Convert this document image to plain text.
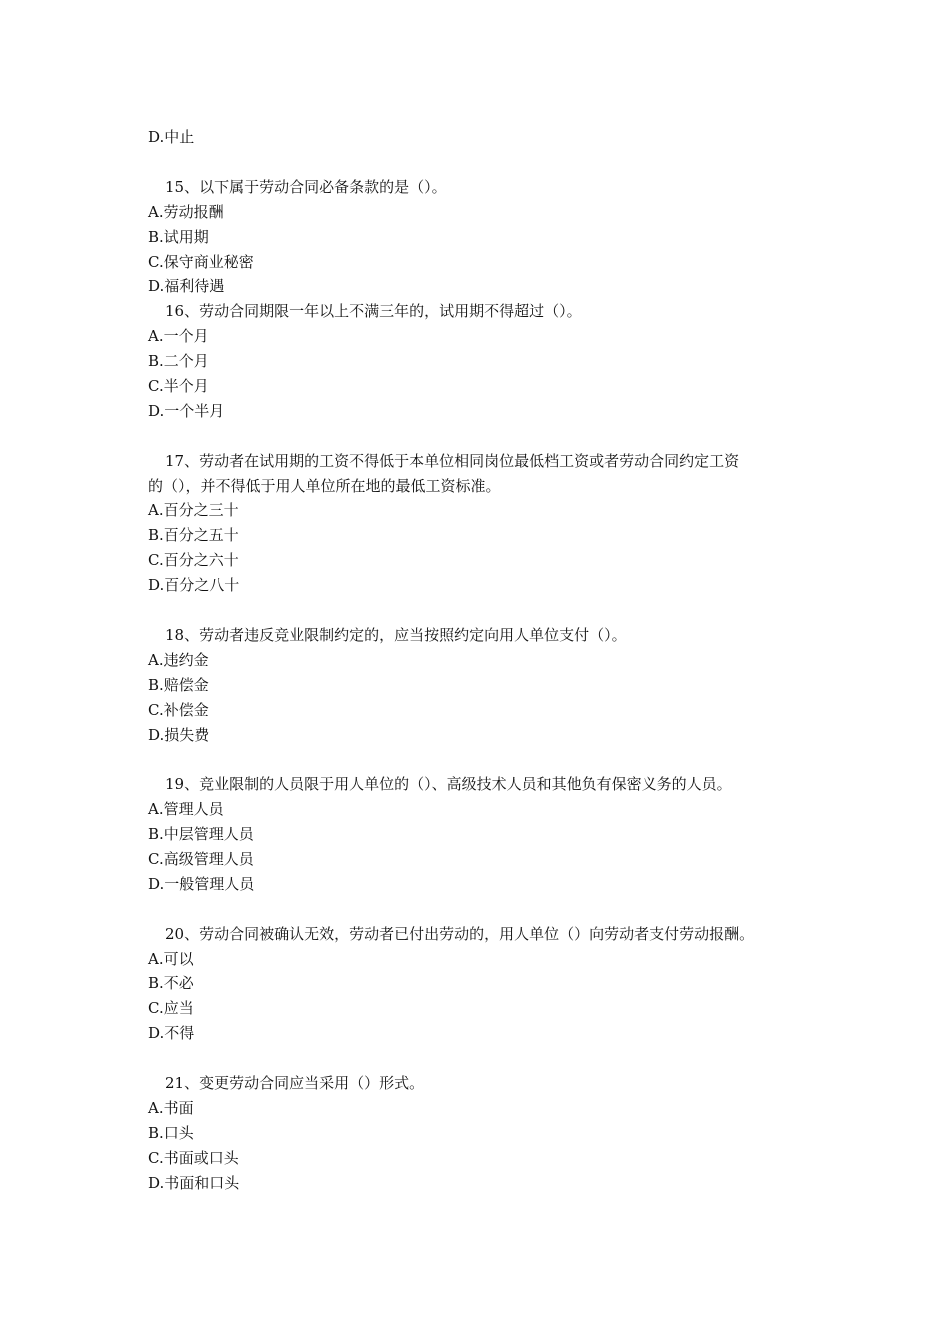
D.中止
15、以下属于劳动合同必备条款的是（）。
A.劳动报酬
B.试用期
C.保守商业秘密
D.福利待遇
16、劳动合同期限一年以上不满三年的，试用期不得超过（）。
A.一个月
B.二个月
C.半个月
D.一个半月
17、劳动者在试用期的工资不得低于本单位相同岗位最低档工资或者劳动合同约定工资
的（），并不得低于用人单位所在地的最低工资标准。
A.百分之三十
B.百分之五十
C.百分之六十
D.百分之八十
18、劳动者违反竞业限制约定的，应当按照约定向用人单位支付（）。
A.违约金
B.赔偿金
C.补偿金
D.损失费
19、竞业限制的人员限于用人单位的（）、高级技术人员和其他负有保密义务的人员。
A.管理人员
B.中层管理人员
C.高级管理人员
D.一般管理人员
20、劳动合同被确认无效，劳动者已付出劳动的，用人单位（）向劳动者支付劳动报酬。
A.可以
B.不必
C.应当
D.不得
21、变更劳动合同应当采用（）形式。
A.书面
B.口头
C.书面或口头
D.书面和口头
